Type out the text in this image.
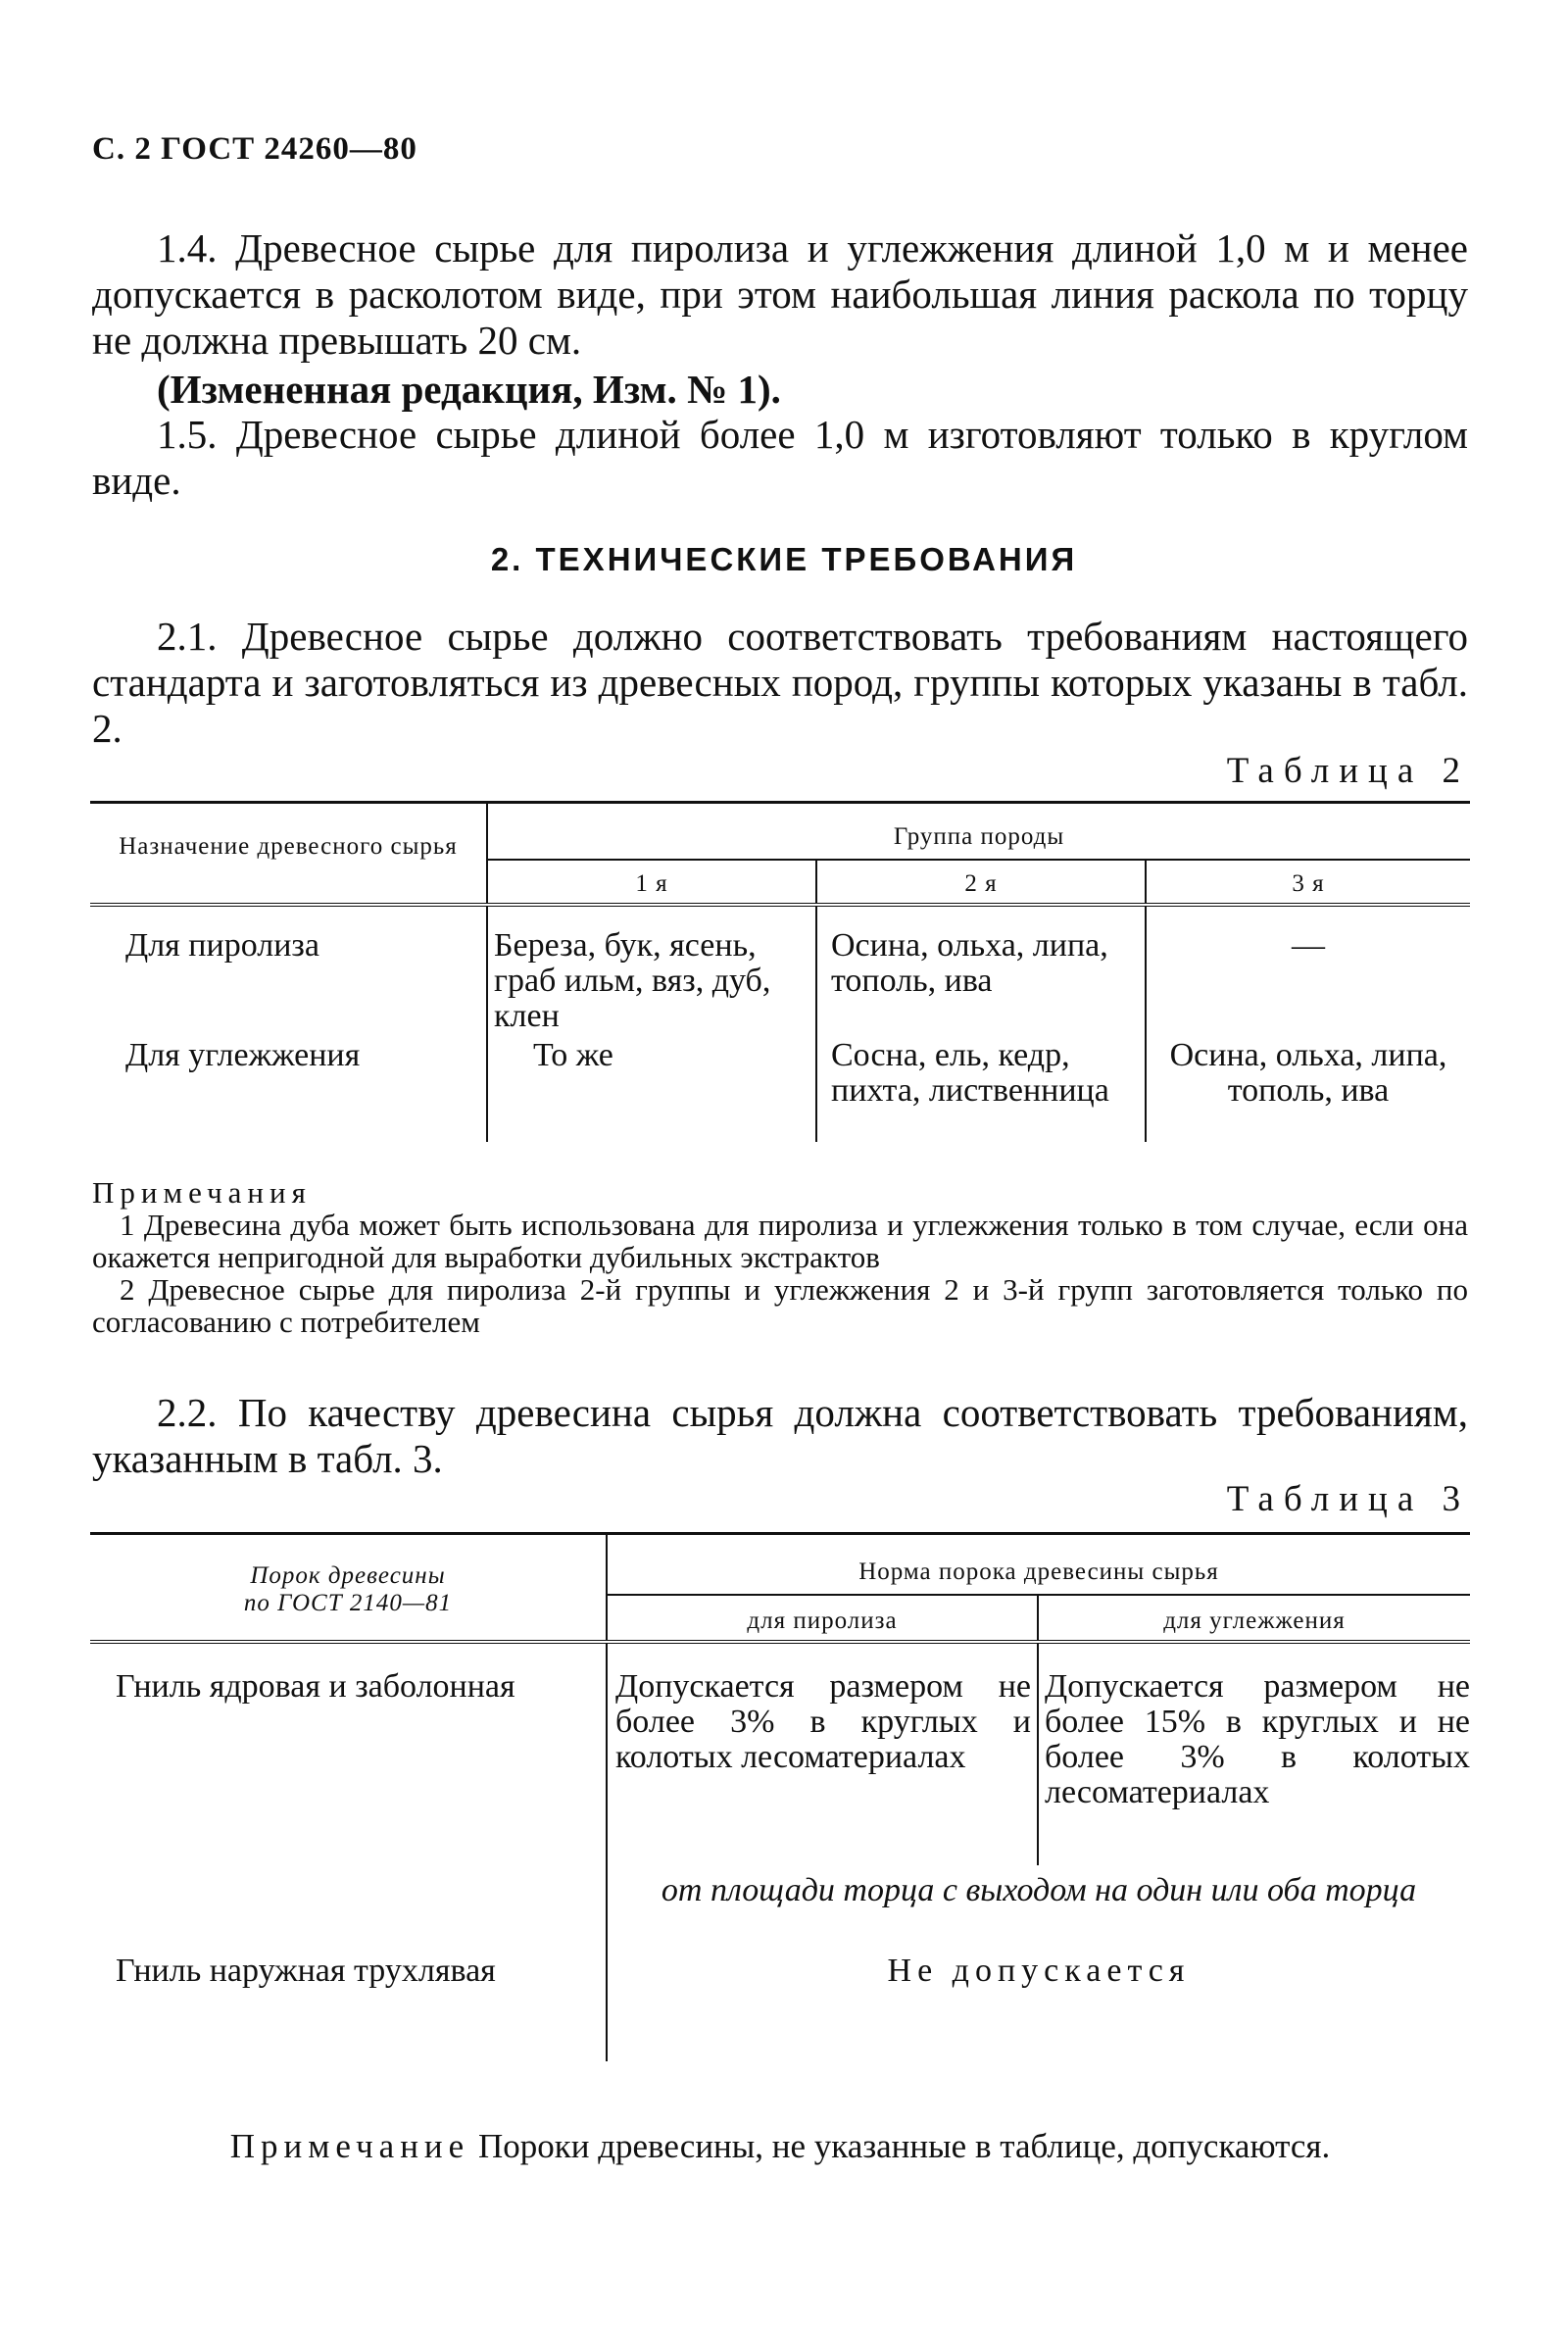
С. 2 ГОСТ 24260—80
1.4. Древесное сырье для пиролиза и углежжения длиной 1,0 м и менее допускается в расколотом виде, при этом наибольшая линия раскола по торцу не должна превышать 20 см.
(Измененная редакция, Изм. № 1).
1.5. Древесное сырье длиной более 1,0 м изготовляют только в круглом виде.
2. ТЕХНИЧЕСКИЕ ТРЕБОВАНИЯ
2.1. Древесное сырье должно соответствовать требованиям настоящего стандарта и заготовляться из древесных пород, группы которых указаны в табл. 2.
Таблица 2
Назначение древесного сырья	Группа породы		
	1 я	2 я	3 я
Для пиролиза	Береза, бук, ясень, граб ильм, вяз, дуб, клен	Осина, ольха, липа, тополь, ива	—
Для углежжения	То же	Сосна, ель, кедр, пихта, лиственница	Осина, ольха, липа, тополь, ива
Примечания
1 Древесина дуба может быть использована для пиролиза и углежжения только в том случае, если она окажется непригодной для выработки дубильных экстрактов
2 Древесное сырье для пиролиза 2-й группы и углежжения 2 и 3-й групп заготовляется только по согласованию с потребителем
2.2. По качеству древесина сырья должна соответствовать требованиям, указанным в табл. 3.
Таблица 3
Порок древесины
по ГОСТ 2140—81	Норма порока древесины сырья	
	для пиролиза	для углежжения
Гниль ядровая и заболонная	Допускается размером не более 3% в круглых и колотых лесоматериалах	Допускается размером не более 15% в круглых и не более 3% в колотых лесоматериалах
	от площади торца с выходом на один или оба торца	
Гниль наружная трухлявая	Не допускается	
Примечание Пороки древесины, не указанные в таблице, допускаются.
